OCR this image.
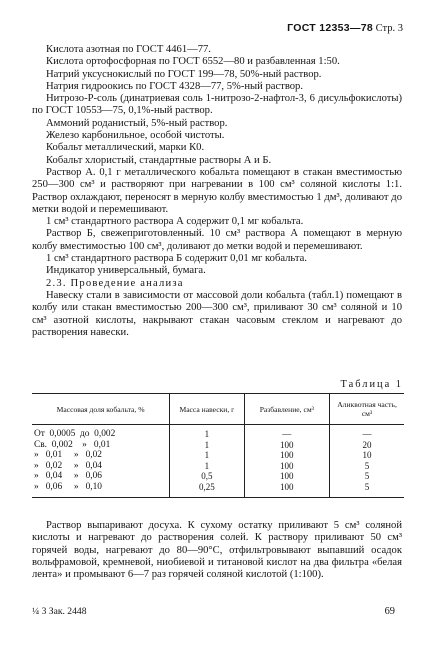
ГОСТ 12353—78 Стр. 3

Кислота азотная по ГОСТ 4461—77.

Кислота ортофосфорная по ГОСТ 6552—80 и разбавленная 1:50.

Натрий уксуснокислый по ГОСТ 199—78, 50%-ный раствор.

Натрия гидроокись по ГОСТ 4328—77, 5%-ный раствор.

Нитрозо-Р-соль (динатриевая соль 1-нитрозо-2-нафтол-3, 6 дисульфокислоты) по ГОСТ 10553—75, 0,1%-ный раствор.

Аммоний роданистый, 5%-ный раствор.

Железо карбонильное, особой чистоты.

Кобальт металлический, марки К0.

Кобальт хлористый, стандартные растворы А и Б.

Раствор А. 0,1 г металлического кобальта помещают в стакан вместимостью 250—300 см³ и растворяют при нагревании в 100 см³ соляной кислоты 1:1. Раствор охлаждают, переносят в мерную колбу вместимостью 1 дм³, доливают до метки водой и перемешивают.

1 см³ стандартного раствора А содержит 0,1 мг кобальта.

Раствор Б, свежеприготовленный. 10 см³ раствора А помещают в мерную колбу вместимостью 100 см³, доливают до метки водой и перемешивают.

1 см³ стандартного раствора Б содержит 0,01 мг кобальта.

Индикатор универсальный, бумага.

2.3. Проведение анализа

Навеску стали в зависимости от массовой доли кобальта (табл.1) помещают в колбу или стакан вместимостью 200—300 см³, приливают 30 см³ соляной и 10 см³ азотной кислоты, накрывают стакан часовым стеклом и нагревают до растворения навески.

Таблица 1
Массовая доля кобальта, %	Масса навески, г	Разбавление, см³	Аликвотная часть, см³
От  0,0005  до  0,002	1	—	—
Св.  0,002    »   0,01	1	100	20
»   0,01     »   0,02	1	100	10
»   0,02     »   0,04	1	100	5
»   0,04     »   0,06	0,5	100	5
»   0,06     »   0,10	0,25	100	5

Раствор выпаривают досуха. К сухому остатку приливают 5 см³ соляной кислоты и нагревают до растворения солей. К раствору приливают 50 см³ горячей воды, нагревают до 80—90°С, отфильтровывают выпавший осадок вольфрамовой, кремневой, ниобиевой и титановой кислот на два фильтра «белая лента» и промывают 6—7 раз горячей соляной кислотой (1:100).

¼ 3 Зак. 2448	69
